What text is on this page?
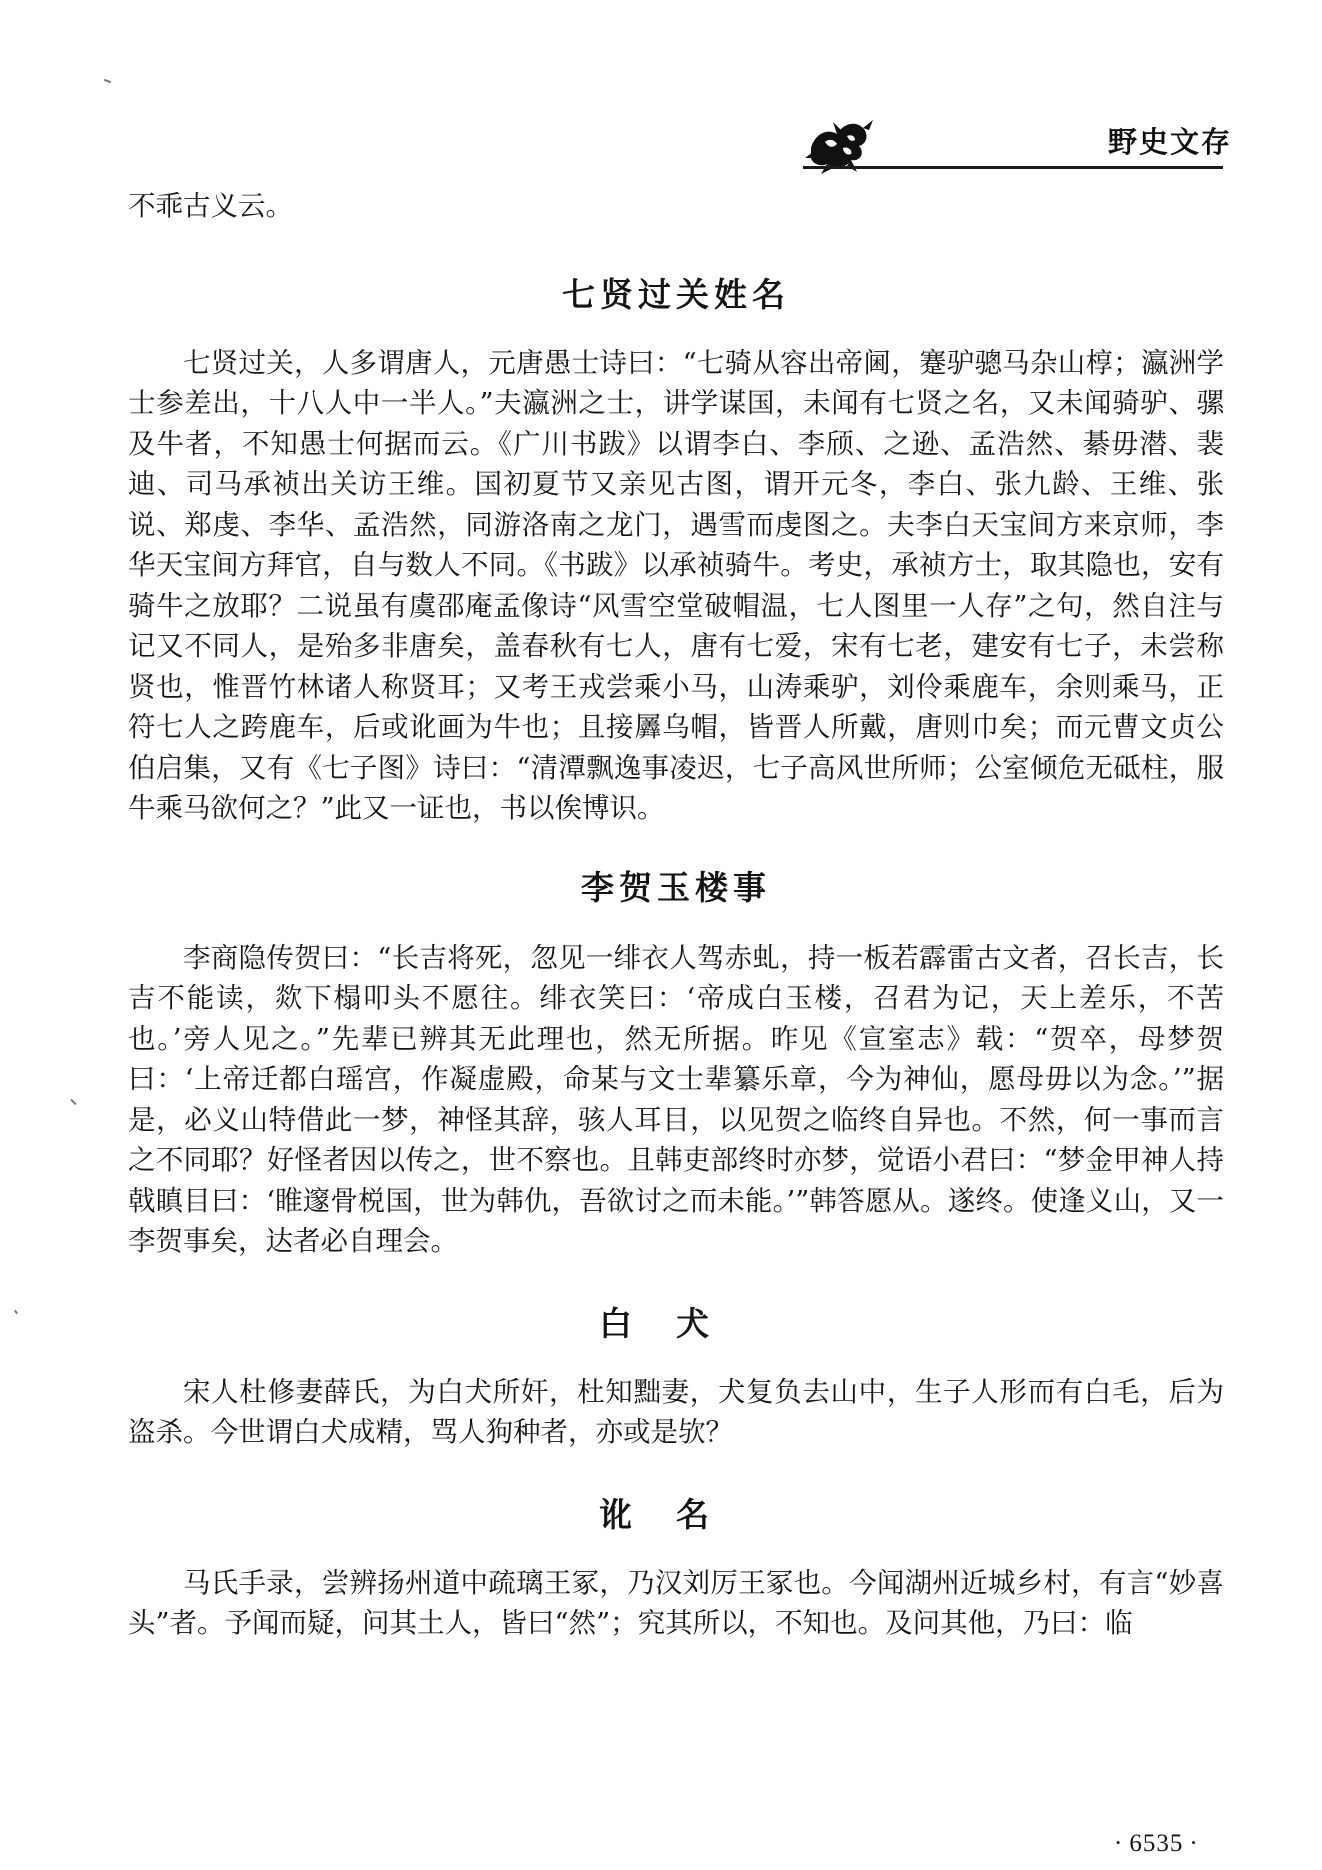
野史文存

不乖古义云。

七贤过关姓名

七贤过关，人多谓唐人，元唐愚士诗曰：“七骑从容出帝阃，蹇驴骢马杂山椁；瀛洲学士参差出，十八人中一半人。”夫瀛洲之士，讲学谋国，未闻有七贤之名，又未闻骑驴、骡及牛者，不知愚士何据而云。《广川书跋》以谓李白、李颀、之逊、孟浩然、綦毋潜、裴迪、司马承祯出关访王维。国初夏节又亲见古图，谓开元冬，李白、张九龄、王维、张说、郑虔、李华、孟浩然，同游洛南之龙门，遇雪而虔图之。夫李白天宝间方来京师，李华天宝间方拜官，自与数人不同。《书跋》以承祯骑牛。考史，承祯方士，取其隐也，安有骑牛之放耶？二说虽有虞邵庵孟像诗“风雪空堂破帽温，七人图里一人存”之句，然自注与记又不同人，是殆多非唐矣，盖春秋有七人，唐有七爱，宋有七老，建安有七子，未尝称贤也，惟晋竹林诸人称贤耳；又考王戎尝乘小马，山涛乘驴，刘伶乘鹿车，余则乘马，正符七人之跨鹿车，后或讹画为牛也；且接羼乌帽，皆晋人所戴，唐则巾矣；而元曹文贞公伯启集，又有《七子图》诗曰：“清潭飘逸事凌迟，七子高风世所师；公室倾危无砥柱，服牛乘马欲何之？”此又一证也，书以俟博识。

李贺玉楼事

李商隐传贺曰：“长吉将死，忽见一绯衣人驾赤虬，持一板若霹雷古文者，召长吉，长吉不能读，欻下榻叩头不愿往。绯衣笑曰：‘帝成白玉楼，召君为记，天上差乐，不苦也。’旁人见之。”先辈已辨其无此理也，然无所据。昨见《宣室志》载：“贺卒，母梦贺曰：‘上帝迁都白瑶宫，作凝虚殿，命某与文士辈纂乐章，今为神仙，愿母毋以为念。’”据是，必义山特借此一梦，神怪其辞，骇人耳目，以见贺之临终自异也。不然，何一事而言之不同耶？好怪者因以传之，世不察也。且韩吏部终时亦梦，觉语小君曰：“梦金甲神人持戟瞋目曰：‘睢邃骨棁国，世为韩仇，吾欲讨之而未能。’”韩答愿从。遂终。使逢义山，又一李贺事矣，达者必自理会。

白犬

宋人杜修妻薛氏，为白犬所奸，杜知黜妻，犬复负去山中，生子人形而有白毛，后为盗杀。今世谓白犬成精，骂人狗种者，亦或是欤？

讹名

马氏手录，尝辨扬州道中疏璃王冢，乃汉刘厉王冢也。今闻湖州近城乡村，有言“妙喜头”者。予闻而疑，问其土人，皆曰“然”；究其所以，不知也。及问其他，乃曰：临

· 6535 ·
